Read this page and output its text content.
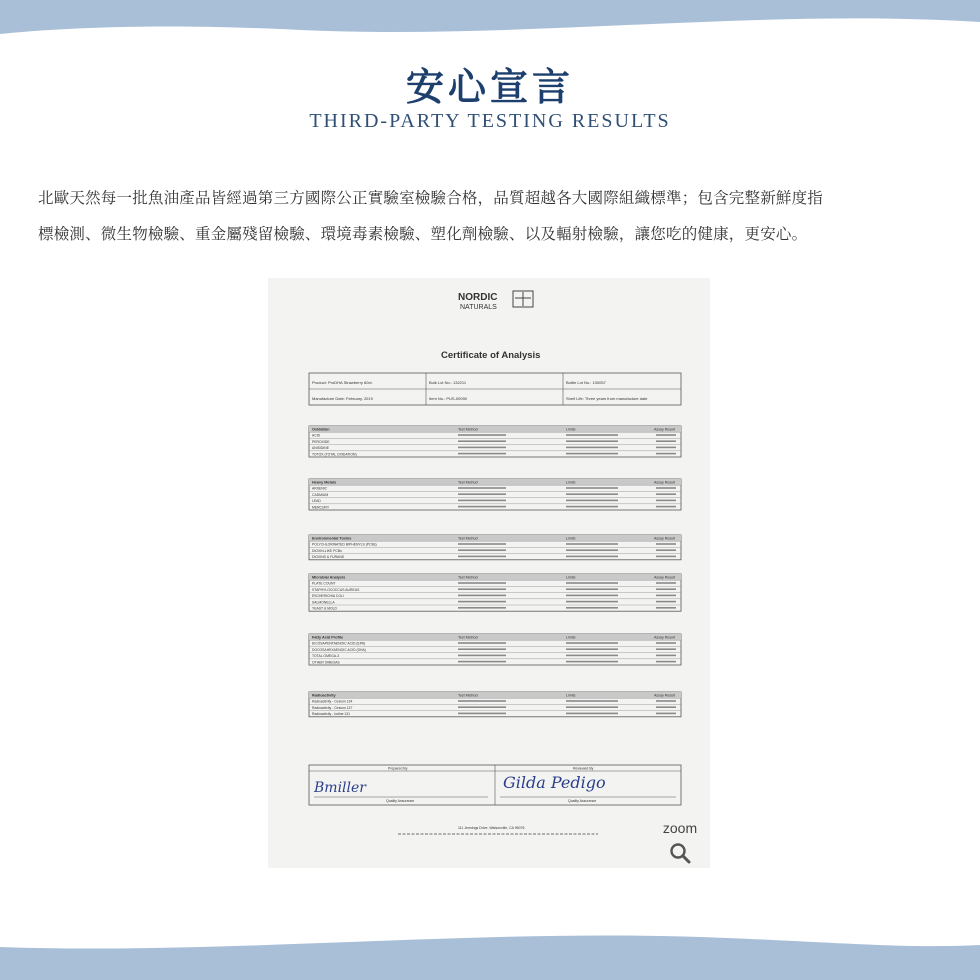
安心宣言
THIRD-PARTY TESTING RESULTS
北歐天然每一批魚油產品皆經過第三方國際公正實驗室檢驗合格，品質超越各大國際組織標準；包含完整新鮮度指
標檢測、微生物檢驗、重金屬殘留檢驗、環境毒素檢驗、塑化劑檢驗、以及輻射檢驗，讓您吃的健康，更安心。
NORDIC
NATURALS
Certificate of Analysis
Product: ProDHA Strawberry 60ct.	Bulk Lot No.: 132211	Bottle Lot No.: 130057
Manufacture Date: February, 2019	Item No.: PUS-00090	Shelf Life: Three years from manufacture date
Oxidation	Test Method	Limits	Assay Result
ACID
PEROXIDE
ANISIDINE
TOTOX (TOTAL OXIDATION)
Heavy Metals	Test Method	Limits	Assay Result
ARSENIC
CADMIUM
LEAD
MERCURY
Environmental Toxins	Test Method	Limits	Assay Result
POLYCHLORINATED BIPHENYLS (PCBs)
DIOXIN-LIKE PCBs
DIOXINS & FURANS
Microbial Analysis	Test Method	Limits	Assay Result
PLATE COUNT
STAPHYLOCOCCUS AUREUS
ESCHERICHIA COLI
SALMONELLA
YEAST & MOLD
Fatty Acid Profile	Test Method	Limits	Assay Result
EICOSAPENTAENOIC ACID (EPA)
DOCOSAHEXAENOIC ACID (DHA)
TOTAL OMEGA-3
OTHER OMEGAS
Radioactivity	Test Method	Limits	Assay Result
Radioactivity - Cesium 134
Radioactivity - Cesium 137
Radioactivity - Iodine 131
Prepared By	Reviewed By
Bmiller	Gilda Pedigo
Quality Assurance	Quality Assurance
111 Jennings Drive, Watsonville, CA 95076	zoom
